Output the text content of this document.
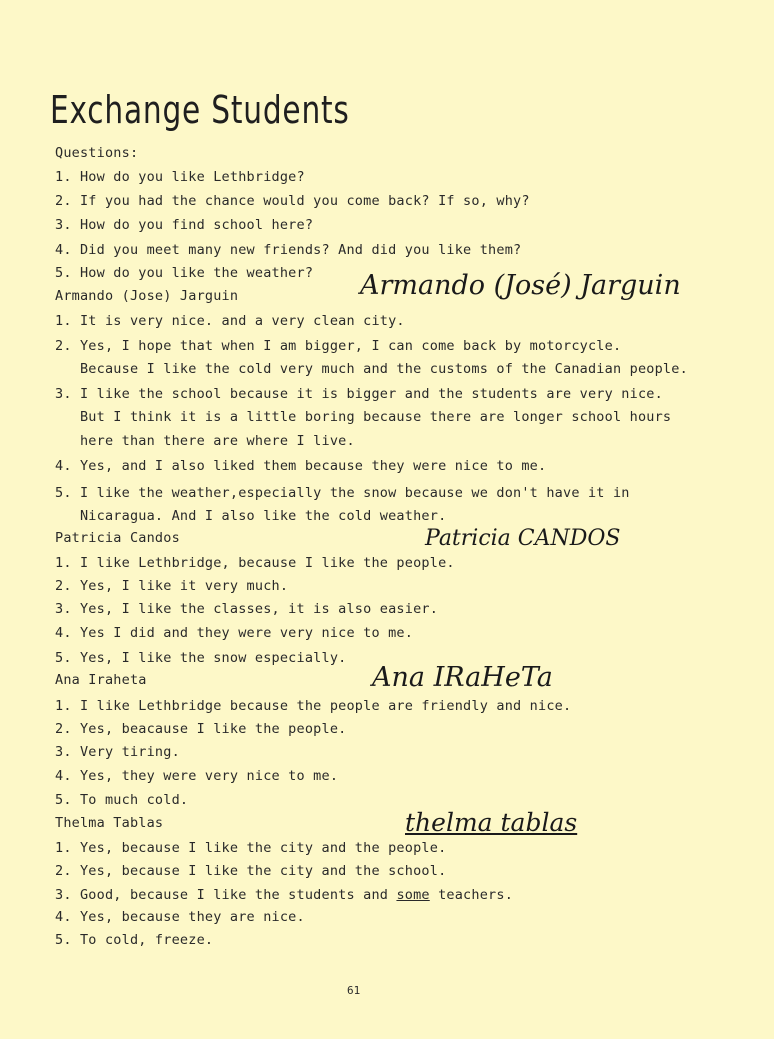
Exchange Students
Questions:
1. How do you like Lethbridge?
2. If you had the chance would you come back? If so, why?
3. How do you find school here?
4. Did you meet many new friends? And did you like them?
5. How do you like the weather?
Armando (Jose) Jarguin	Armando (José) Jarguin
1. It is very nice. and a very clean city.
2. Yes, I hope that when I am bigger, I can come back by motorcycle.
Because I like the cold very much and the customs of the Canadian people.
3. I like the school because it is bigger and the students are very nice.
But I think it is a little boring because there are longer school hours
here than there are where I live.
4. Yes, and I also liked them because they were nice to me.
5. I like the weather,especially the snow because we don't have it in
Nicaragua. And I also like the cold weather.
Patricia Candos	Patricia CANDOS
1. I like Lethbridge, because I like the people.
2. Yes, I like it very much.
3. Yes, I like the classes, it is also easier.
4. Yes I did and they were very nice to me.
5. Yes, I like the snow especially.
Ana Iraheta	Ana IRaHeTa
1. I like Lethbridge because the people are friendly and nice.
2. Yes, beacause I like the people.
3. Very tiring.
4. Yes, they were very nice to me.
5. To much cold.
Thelma Tablas	thelma tablas
1. Yes, because I like the city and the people.
2. Yes, because I like the city and the school.
3. Good, because I like the students and some teachers.
4. Yes, because they are nice.
5. To cold, freeze.
61
